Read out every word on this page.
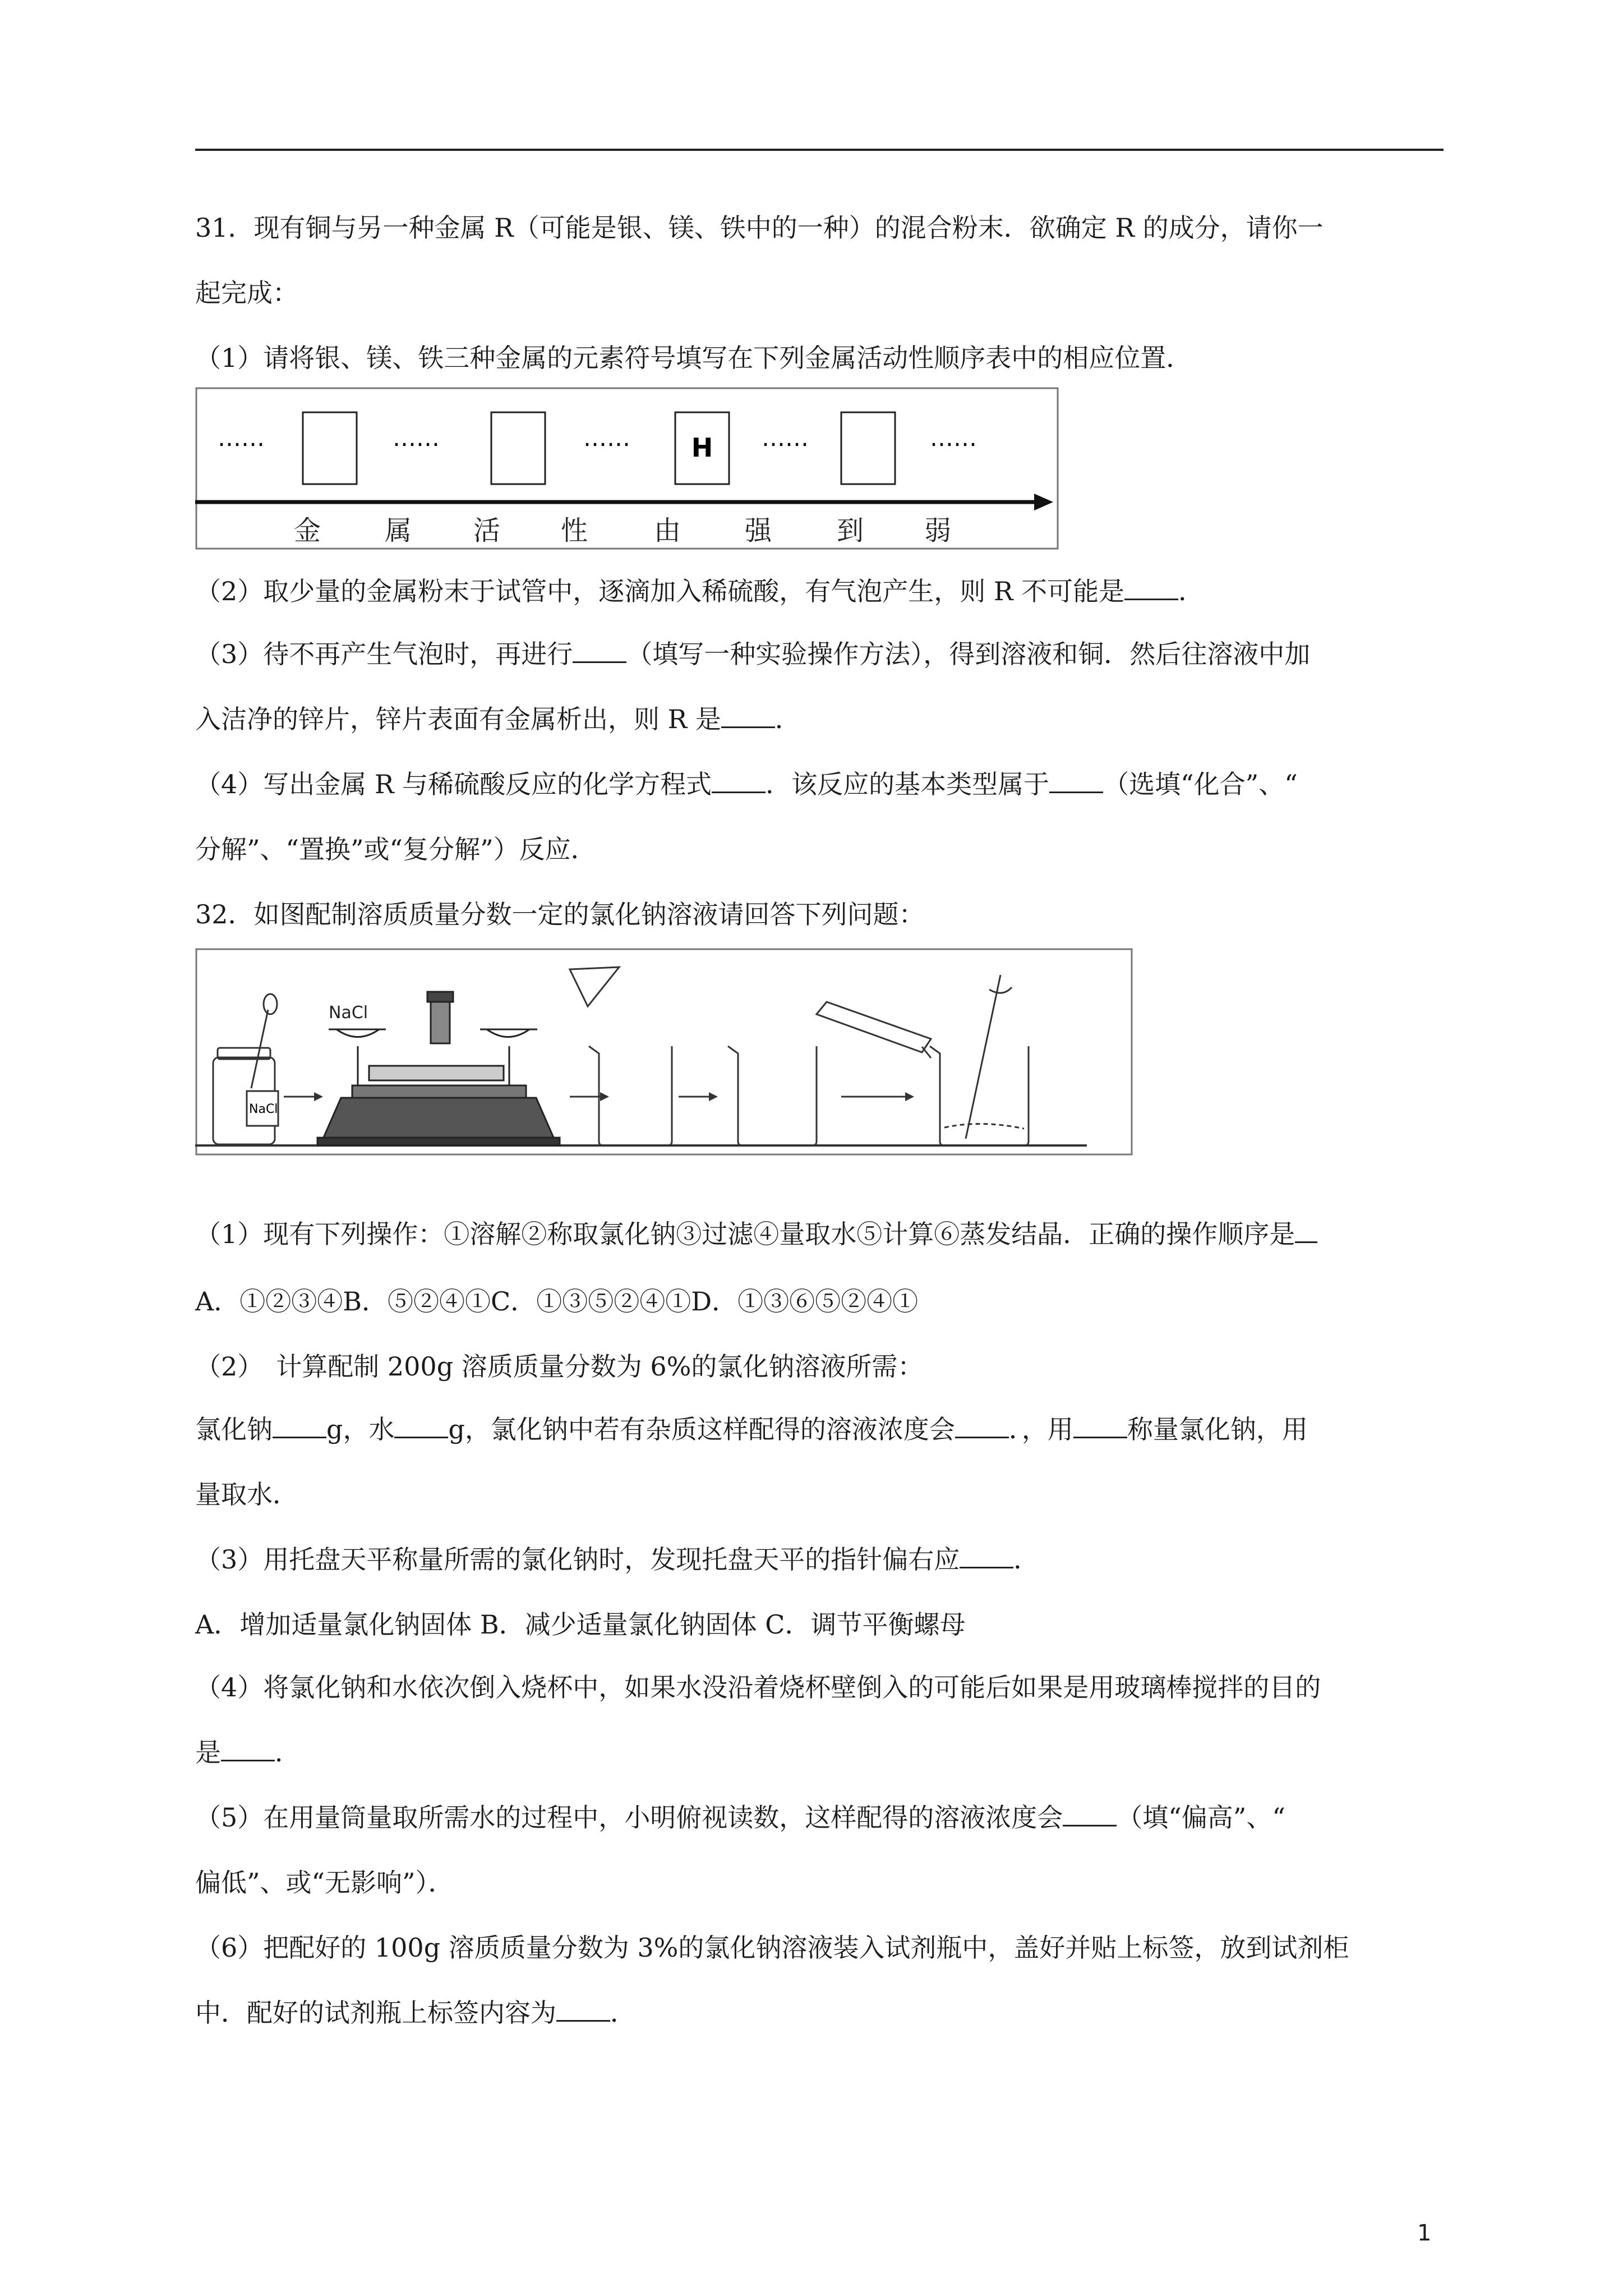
31．现有铜与另一种金属 R（可能是银、镁、铁中的一种）的混合粉末．欲确定 R 的成分，请你一
起完成：
（1）请将银、镁、铁三种金属的元素符号填写在下列金属活动性顺序表中的相应位置．
……	……	…… H ……	……
金 属 活 性 由 强 到 弱
（2）取少量的金属粉末于试管中，逐滴加入稀硫酸，有气泡产生，则 R 不可能是 ．
（3）待不再产生气泡时，再进行 （填写一种实验操作方法），得到溶液和铜．然后往溶液中加
入洁净的锌片，锌片表面有金属析出，则 R 是 ．
（4）写出金属 R 与稀硫酸反应的化学方程式 ．该反应的基本类型属于 （选填“化合”、“
分解”、“置换”或“复分解”）反应．
32．如图配制溶质质量分数一定的氯化钠溶液请回答下列问题：
NaCl
NaCl
（1）现有下列操作：①溶解②称取氯化钠③过滤④量取水⑤计算⑥蒸发结晶．正确的操作顺序是
A．①②③④B．⑤②④①C．①③⑤②④①D．①③⑥⑤②④①
（2）　计算配制 200g 溶质质量分数为 6%的氯化钠溶液所需：
氯化钠 g，水 g，氯化钠中若有杂质这样配得的溶液浓度会 ．，用 称量氯化钠，用
量取水．
（3）用托盘天平称量所需的氯化钠时，发现托盘天平的指针偏右应 ．
A．增加适量氯化钠固体 B．减少适量氯化钠固体 C．调节平衡螺母
（4）将氯化钠和水依次倒入烧杯中，如果水没沿着烧杯壁倒入的可能后如果是用玻璃棒搅拌的目的
是 ．
（5）在用量筒量取所需水的过程中，小明俯视读数，这样配得的溶液浓度会 （填“偏高”、“
偏低”、或“无影响”）．
（6）把配好的 100g 溶质质量分数为 3%的氯化钠溶液装入试剂瓶中，盖好并贴上标签，放到试剂柜
中．配好的试剂瓶上标签内容为 ．
1
